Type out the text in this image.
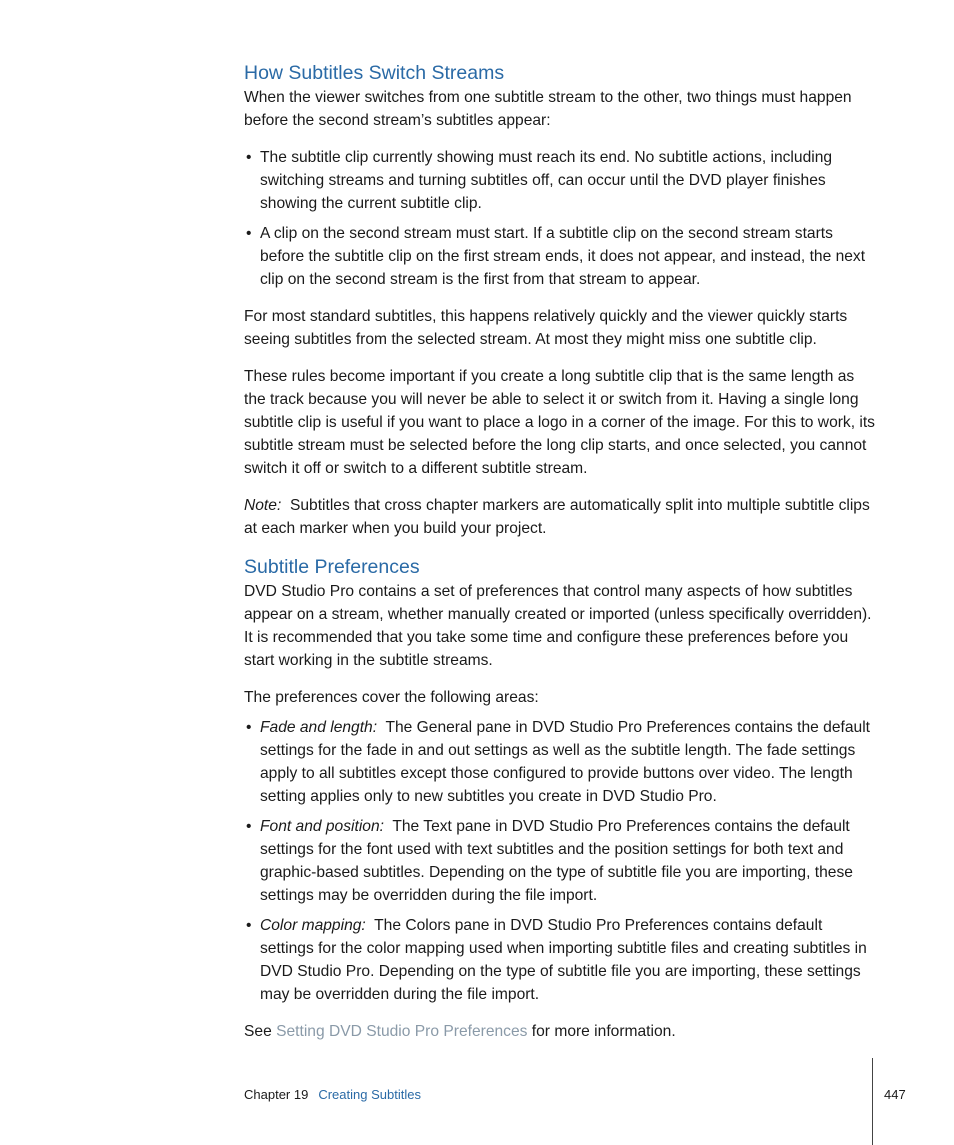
How Subtitles Switch Streams

When the viewer switches from one subtitle stream to the other, two things must happen before the second stream’s subtitles appear:

• The subtitle clip currently showing must reach its end. No subtitle actions, including switching streams and turning subtitles off, can occur until the DVD player finishes showing the current subtitle clip.
• A clip on the second stream must start. If a subtitle clip on the second stream starts before the subtitle clip on the first stream ends, it does not appear, and instead, the next clip on the second stream is the first from that stream to appear.

For most standard subtitles, this happens relatively quickly and the viewer quickly starts seeing subtitles from the selected stream. At most they might miss one subtitle clip.

These rules become important if you create a long subtitle clip that is the same length as the track because you will never be able to select it or switch from it. Having a single long subtitle clip is useful if you want to place a logo in a corner of the image. For this to work, its subtitle stream must be selected before the long clip starts, and once selected, you cannot switch it off or switch to a different subtitle stream.

Note: Subtitles that cross chapter markers are automatically split into multiple subtitle clips at each marker when you build your project.

Subtitle Preferences

DVD Studio Pro contains a set of preferences that control many aspects of how subtitles appear on a stream, whether manually created or imported (unless specifically overridden). It is recommended that you take some time and configure these preferences before you start working in the subtitle streams.

The preferences cover the following areas:

• Fade and length: The General pane in DVD Studio Pro Preferences contains the default settings for the fade in and out settings as well as the subtitle length. The fade settings apply to all subtitles except those configured to provide buttons over video. The length setting applies only to new subtitles you create in DVD Studio Pro.
• Font and position: The Text pane in DVD Studio Pro Preferences contains the default settings for the font used with text subtitles and the position settings for both text and graphic-based subtitles. Depending on the type of subtitle file you are importing, these settings may be overridden during the file import.
• Color mapping: The Colors pane in DVD Studio Pro Preferences contains default settings for the color mapping used when importing subtitle files and creating subtitles in DVD Studio Pro. Depending on the type of subtitle file you are importing, these settings may be overridden during the file import.

See Setting DVD Studio Pro Preferences for more information.

Chapter 19 Creating Subtitles	447
